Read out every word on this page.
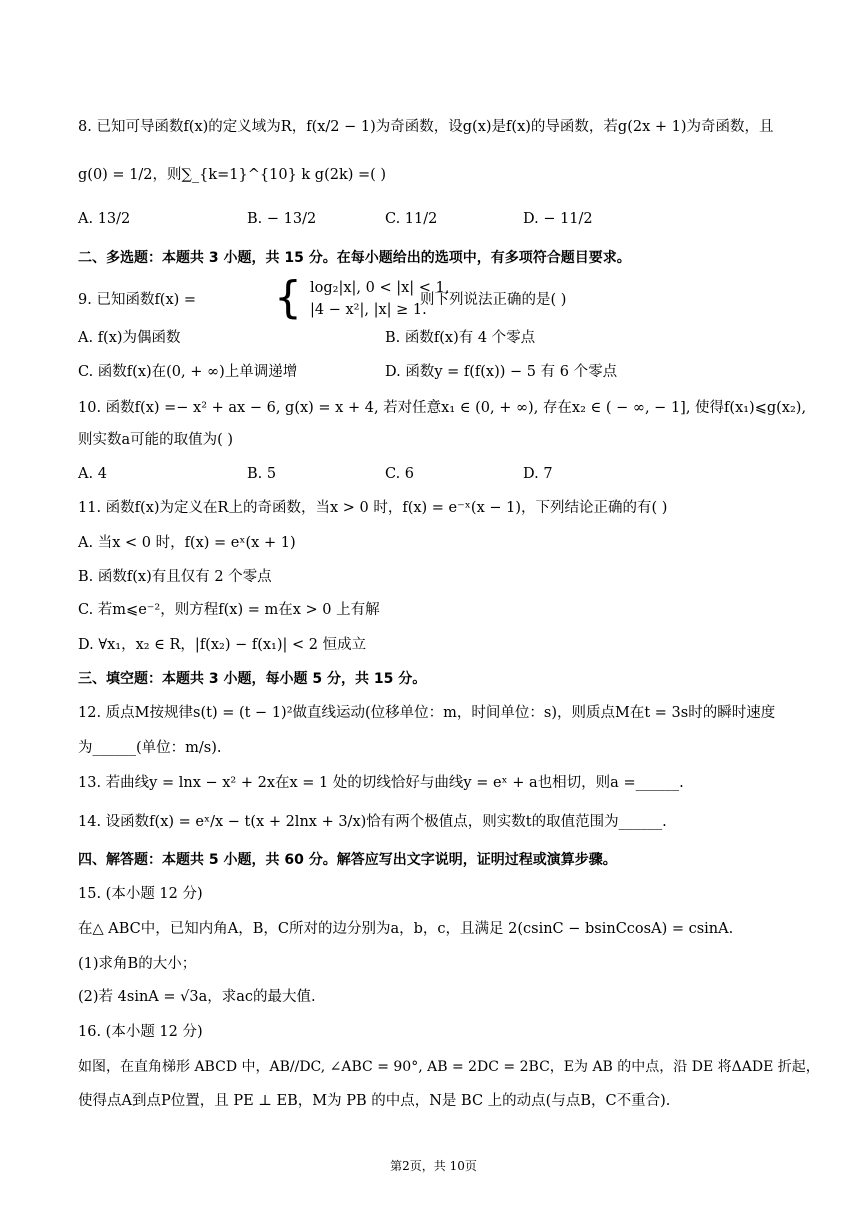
8. 已知可导函数f(x)的定义域为R，f(x/2 − 1)为奇函数，设g(x)是f(x)的导函数，若g(2x + 1)为奇函数，且
g(0) = 1/2，则∑_{k=1}^{10} k g(2k) =( )
A. 13/2	B. − 13/2	C. 11/2	D. − 11/2
二、多选题：本题共 3 小题，共 15 分。在每小题给出的选项中，有多项符合题目要求。
9. 已知函数f(x) = { log₂|x|, 0 < |x| < 1,
|4 − x²|, |x| ≥ 1.
则下列说法正确的是( )
A. f(x)为偶函数	B. 函数f(x)有 4 个零点
C. 函数f(x)在(0, + ∞)上单调递增	D. 函数y = f(f(x)) − 5 有 6 个零点
10. 函数f(x) =− x² + ax − 6, g(x) = x + 4, 若对任意x₁ ∈ (0, + ∞), 存在x₂ ∈ ( − ∞, − 1], 使得f(x₁)⩽g(x₂),
则实数a可能的取值为( )
A. 4	B. 5	C. 6	D. 7
11. 函数f(x)为定义在R上的奇函数，当x > 0 时，f(x) = e⁻ˣ(x − 1)，下列结论正确的有( )
A. 当x < 0 时，f(x) = eˣ(x + 1)
B. 函数f(x)有且仅有 2 个零点
C. 若m⩽e⁻²，则方程f(x) = m在x > 0 上有解
D. ∀x₁，x₂ ∈ R，|f(x₂) − f(x₁)| < 2 恒成立
三、填空题：本题共 3 小题，每小题 5 分，共 15 分。
12. 质点M按规律s(t) = (t − 1)²做直线运动(位移单位：m，时间单位：s)，则质点M在t = 3s时的瞬时速度
为______(单位：m/s).
13. 若曲线y = lnx − x² + 2x在x = 1 处的切线恰好与曲线y = eˣ + a也相切，则a =______.
14. 设函数f(x) = eˣ/x − t(x + 2lnx + 3/x)恰有两个极值点，则实数t的取值范围为______.
四、解答题：本题共 5 小题，共 60 分。解答应写出文字说明，证明过程或演算步骤。
15. (本小题 12 分)
在△ ABC中，已知内角A，B，C所对的边分别为a，b，c，且满足 2(csinC − bsinCcosA) = csinA.
(1)求角B的大小；
(2)若 4sinA = √3a，求ac的最大值.
16. (本小题 12 分)
如图，在直角梯形 ABCD 中，AB//DC, ∠ABC = 90°, AB = 2DC = 2BC，E为 AB 的中点，沿 DE 将ΔADE 折起，
使得点A到点P位置，且 PE ⊥ EB，M为 PB 的中点，N是 BC 上的动点(与点B，C不重合).
第2页，共 10页
